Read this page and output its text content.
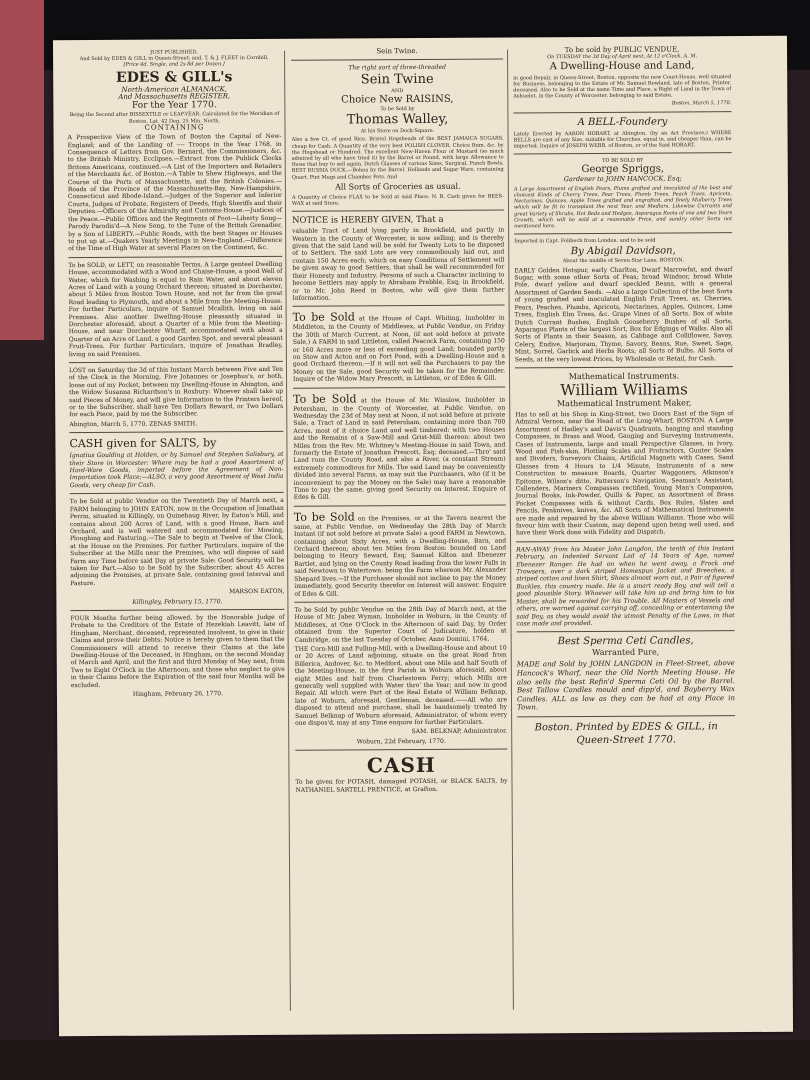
JUST PUBLISHED,
And Sold by EDES & GILL in Queen-Street; and, T. & J. FLEET in Cornhill,
[Price 4d. Single, and 2s 8d per Dozen.]
EDES & GILL's
North-American ALMANACK,
And Massachusetts REGISTER,
For the Year 1770.
Being the Second after BISSEXTILE or LEAP-YEAR. Calculated for the Meridian of Boston, Lat. 42 Deg. 25 Min. North.
CONTAINING

A Prospective View of the Town of Boston the Capital of New-England; and of the Landing of ---- Troops in the Year 1768, in Consequence of Letters from Gov. Bernard, the Commissioners, &c. to the British Ministry. Ecclipses.—Extract from the Publick Clocks Britons Americans, continued.—A List of the Importers and Retailers of the Merchants &c. of Boston.—A Table to Shew Highways, and the Course of the Ports of Massachusetts, and the British Colonies.—Roads of the Province of the Massachusetts-Bay, New-Hampshire, Connecticut and Rhode-Island.—Judges of the Superior and Inferior Courts, Judges of Probate, Registers of Deeds, High Sheriffs and their Deputies.—Officers of the Admiralty and Customs-House.—Justices of the Peace.—Public Offices and the Regiments of Foot—Liberty Song—Parody Parodis'd—A New Song, to the Tune of the British Grenadier, by a Son of LIBERTY.—Public Roads, with the best Stages or Houses to put up at.—Quakers Yearly Meetings in New-England.—Difference of the Time of High Water at several Places on the Continent, &c.

To be SOLD, or LETT, on reasonable Terms, A Large genteel Dwelling House, accommodated with a Wood and Chaise-House, a good Well of Water, which for Washing is equal to Rain Water, and about eleven Acres of Land with a young Orchard thereon; situated in Dorchester, about 5 Miles from Boston Town House, and not far from the great Road leading to Plymouth, and about a Mile from the Meeting-House. For further Particulars, inquire of Samuel Mcallith, living on said Premises. Also another Dwelling-House pleasantly situated in Dorchester aforesaid, about a Quarter of a Mile from the Meeting-House, and near Dorchester Wharff, accommodated with about a Quarter of an Acre of Land, a good Garden Spot, and several pleasant Fruit-Trees. For further Particulars, inquire of Jonathan Bradley, living on said Premises.

LOST on Saturday the 3d of this Instant March between Five and Ten of the Clock in the Morning, Five Johannes or Josephus's, or both, loose out of my Pocket, between my Dwelling-House in Abington, and the Widow Susanna Richardson's in Roxbury: Whoever shall take up said Pieces of Money, and will give Information to the Printers hereof, or to the Subscriber, shall have Ten Dollars Reward, or Two Dollars for each Piece, paid by me the Subscriber.

Abington, March 5, 1770. ZENAS SMITH.

CASH given for SALTS, by

Ignatius Goulding at Holden, or by Samuel and Stephen Salisbury, at their Store in Worcester: Where may be had a good Assortment of Hard-Ware Goods, imported before the Agreement of Non-Importation took Place;—ALSO, a very good Assortment of West India Goods, very cheap for Cash.

To be Sold at public Vendue on the Twentieth Day of March next, a FARM belonging to JOHN EATON, now in the Occupation of Jonathan Perrin, situated in Killingly, on Quinebaug River, by Eaton's Mill, and contains about 200 Acres of Land, with a good House, Barn and Orchard, and is well watered and accommodated for Mowing, Ploughing and Pasturing.—The Sale to begin at Twelve of the Clock, at the House on the Premises. For further Particulars, inquire of the Subscriber at the Mills near the Premises, who will dispose of said Farm any Time before said Day at private Sale: Good Security will be taken for Part.—Also to be Sold by the Subscriber, about 45 Acres adjoining the Premises, at private Sale, containing good Interval and Pasture.

MARSON EATON,

Killingley, February 15, 1770.

FOUR Months further being allowed, by the Honorable Judge of Probate to the Creditors of the Estate of Hezekiah Leavitt, late of Hingham, Merchant, deceased, represented insolvent, to give in their Claims and prove their Debts: Notice is hereby given to them that the Commissioners will attend to receive their Claims at the late Dwelling-House of the Deceased, in Hingham, on the second Monday of March and April, and the first and third Monday of May next, from Two to Eight O'Clock in the Afternoon; and those who neglect to give in their Claims before the Expiration of the said four Months will be excluded.

Hingham, February 26, 1770.

Sein Twine.
The right sort of three-threaded
Sein Twine
AND
Choice New RAISINS,
To be Sold by
Thomas Walley,
At his Store on Dock-Square.

Also a few Ct. of good Rice, Bristol Hogsheads of the BEST JAMAICA SUGARS, cheap for Cash. A Quantity of the very best POLISH CLOVER, Choice Rum, &c. by the Hogshead or Hundred. The excellent New-Haven Flour of Mustard (so much admired by all who have tried it) by the Barrel or Pound, with large Allowance to those that buy to sell again. Dutch Glasses of various Sizes, Surgical, Punch Bowls, BEST RUSSIA DUCK.—Bohea by the Barrel. Hollands and Sugar Ware, containing Quart, Pint Mugs and Chamber Pots. And

All Sorts of Groceries as usual.

A Quantity of Choice FLAX to be Sold at said Place. N. B. Cash given for BEES-WAX at said Store.

NOTICE is HEREBY GIVEN, That a

valuable Tract of Land lying partly in Brookfield, and partly in Western in the County of Worcester, is now selling; and is thereby given that the said Land will be sold for Twenty Lots to be disposed of to Settlers. The said Lots are very commodiously laid out, and contain 150 Acres each; which on easy Conditions of Settlement will be given away to good Settlers, that shall be well recommended for their Honesty and Industry. Persons of such a Character inclining to become Settlers may apply to Abraham Prebble, Esq; in Brookfield, or to Mr. John Reed in Boston, who will give them further Information.

To be Sold at the House of Capt. Whiting, Innholder in Middleton, in the County of Middlesex, at Public Vendue, on Friday the 30th of March Current, at Noon, (if not sold before at private Sale,) A FARM in said Littleton, called Peacock Farm, containing 150 or 160 Acres more or less of exceeding good Land; bounded partly on Stow and Acton and on Fort Pond, with a Dwelling-House and a good Orchard thereon.—If it will not sell the Purchasers to pay the Money on the Sale, good Security will be taken for the Remainder. Inquire of the Widow Mary Prescott, in Littleton, or of Edes & Gill.

To be Sold at the House of Mr. Winslow, Innholder in Petersham, in the County of Worcester, at Public Vendue, on Wednesday the 23d of May next at Noon, if not sold before at private Sale, a Tract of Land in said Petersham, containing more than 700 Acres, most of it choice Land and well timbered: with two Houses and the Remains of a Saw-Mill and Grist-Mill thereon: about two Miles from the Rev. Mr. Whitney's Meeting-House in said Town, and formerly the Estate of Jonathan Prescott, Esq; deceased.—Thro' said Land runs the County Road, and also a River, (a constant Stream) extremely commodious for Mills. The said Land may be conveniently divided into several Farms, as may suit the Purchasers, who (if it be inconvenient to pay the Money on the Sale) may have a reasonable Time to pay the same, giving good Security on Interest. Enquire of Edes & Gill.

To be Sold on the Premises, or at the Tavern nearest the same, at Public Vendue, on Wednesday the 28th Day of March Instant (if not sold before at private Sale) a good FARM in Newtown, containing about Sixty Acres, with a Dwelling-House, Barn, and Orchard thereon; about ten Miles from Boston: bounded on Land belonging to Henry Seward, Esq; Samuel Kilton and Ebenezer Bartlet, and lying on the County Road leading from the lower Falls in said Newtown to Watertown: being the Farm whereon Mr. Alexander Shepard lives.—If the Purchaser should not incline to pay the Money immediately, good Security therefor on Interest will answer. Enquire of Edes & Gill.

To be Sold by public Vendue on the 28th Day of March next, at the House of Mr. Jabez Wyman, Innholder in Woburn, in the County of Middlesex, at One O'Clock in the Afternoon of said Day, by Order obtained from the Superior Court of Judicature, holden at Cambridge, on the last Tuesday of October, Anno Domini, 1764.

THE Corn-Mill and Fulling-Mill, with a Dwelling-House and about 10 or 20 Acres of Land adjoining, situate on the great Road from Billerica, Andover, &c. to Medford, about one Mile and half South of the Meeting-House, in the first Parish in Woburn aforesaid, about eight Miles and half from Charlestown Ferry; which Mills are generally well supplied with Water thro' the Year; and now in good Repair. All which were Part of the Real Estate of William Belknap, late of Woburn, aforesaid, Gentleman, deceased.——All who are disposed to attend and purchase, shall be handsomely treated by Samuel Belknap of Woburn aforesaid, Administrator, of whom every one dispos'd, may at any Time enquire for further Particulars.

SAM. BELKNAP, Administrator.

Woburn, 22d February, 1770.

CASH

To be given for POTASH, damaged POTASH, or BLACK SALTS, by NATHANIEL SARTELL PRENTICE, at Grafton.

To be sold by PUBLIC VENDUE,
On TUESDAY the 3d Day of April next, At 12 o'Clock, A. M.
A Dwelling-House and Land,

in good Repair, in Queen-Street, Boston, opposite the new Court-House, well situated for Business, belonging to the Estate of Mr. Samuel Rowland, late of Boston, Printer, deceased. Also to be Sold at the same Time and Place, a Right of Land in the Town of Ashuelot, in the County of Worcester, belonging to said Estate.

Boston, March 5, 1770.

A BELL-Foundery

Lately Erected by AARON HOBART, at Abington, (by an Act Province;) WHERE BELLS are cast of any Size, suitable for Churches, equal in, and cheaper than, can be imported. Inquire of JOSEPH WEBB, of Boston, or of the Said HOBART.

TO BE SOLD BY
George Spriggs,
Gardener to JOHN HANCOCK, Esq;

A Large Assortment of English Pears, Plums grafted and inoculated of the best and choicest Kinds of Cherry Trees, Pear Trees, Plumb Trees, Peach Trees, Apricots, Nectarines, Quinces, Apple Trees grafted and engrafted, and finely Mulberry Trees which will be fit to transplant the next Year, and Medlars. Likewise Currants and great Variety of Shrubs, Hot Beds and Hedges, Asparagus Roots of one and two Years Growth, which will be sold at a reasonable Price, and sundry other Sorts not mentioned here.

Imported in Capt. Folibech from London, and to be sold

By Abigail Davidson,
About the middle of Seven-Star Lane, BOSTON,

EARLY Golden Hotspur, early Charlton, Dwarf Marrowfat, and dwarf Sugar, with some other Sorts of Peas; broad Windsor, broad White Pole, dwarf yellow and dwarf speckled Beans, with a general Assortment of Garden Seeds. —Also a large Collection of the best Sorts of young grafted and inoculated English Fruit Trees, as, Cherries, Pears, Peaches, Plumbs, Apricots, Nectarines, Apples, Quinces, Lime Trees, English Elm Trees, &c. Grape Vines of all Sorts. Box of white Dutch Currant Bushes, English Gooseberry Bushes of all Sorts, Asparagus Plants of the largest Sort, Box for Edgings of Walks. Also all Sorts of Plants in their Season, as Cabbage and Colliflower, Savoy, Celery, Endive, Marjoram, Thyme, Savory, Beans, Rue, Sweet, Sage, Mint, Sorrel, Garlick and Herbs Roots; all Sorts of Bulbs. All Sorts of Seeds, at the very lowest Prices, by Wholesale or Retail, for Cash.

Mathematical Instruments.
William Williams
Mathematical Instrument Maker,

Has to sell at his Shop in King-Street, two Doors East of the Sign of Admiral Vernon, near the Head of the Long-Wharf, BOSTON. A Large Assortment of Hadley's and Davis's Quadrants, hanging and standing Compasses, in Brass and Wood, Gauging and Surveying Instruments, Cases of Instruments, large and small Perspective Glasses, in Ivory, Wood and Fish-skin, Plotting Scales and Protractors, Gunter Scales and Dividers, Surveyors Chains, Artificial Magnets with Cases, Sand Glasses from 4 Hours to 1/4 Minute, Instruments of a new Construction to measure Boards, Quarter Waggoners, Atkinson's Epitome, Wilson's ditto, Patterson's Navigation, Seaman's Assistant, Callenders, Mariners Compasses rectified, Young Man's Companion, Journal Books, Ink-Powder, Quills & Paper, an Assortment of Brass Pocket Compasses with & without Cards, Box Rules, Slates and Pencils, Penknives, knives, &c. All Sorts of Mathematical Instruments are made and repaired by the above William Williams. Those who will favour him with their Custom, may depend upon being well used, and have their Work done with Fidelity and Dispatch.

RAN-AWAY from his Master John Langdon, the tenth of this Instant February, an Indented Servant Lad of 14 Years of Age, named Ebenezer Ranger. He had on when he went away, a Frock and Trowsers, over a dark striped Homespun Jacket and Breeches, a striped cotton and linen Shirt, Shoes almost worn out, a Pair of figured Buckles, this country made. He is a smart ready Boy, and will tell a good plausible Story. Whoever will take him up and bring him to his Master, shall be rewarded for his Trouble. All Masters of Vessels and others, are warned against carrying off, concealing or entertaining the said Boy, as they would avoid the utmost Penalty of the Laws, in that case made and provided.

Best Sperma Ceti Candles,
Warranted Pure,

MADE and Sold by JOHN LANGDON in Fleet-Street, above Hancock's Wharf, near the Old North Meeting House. He also sells the best Refin'd Sperma Ceti Oil by the Barrel. Best Tallow Candles mould and dipp'd, and Bayberry Wax Candles. ALL as low as they can be had at any Place in Town.

Boston. Printed by EDES & GILL, in Queen-Street 1770.
